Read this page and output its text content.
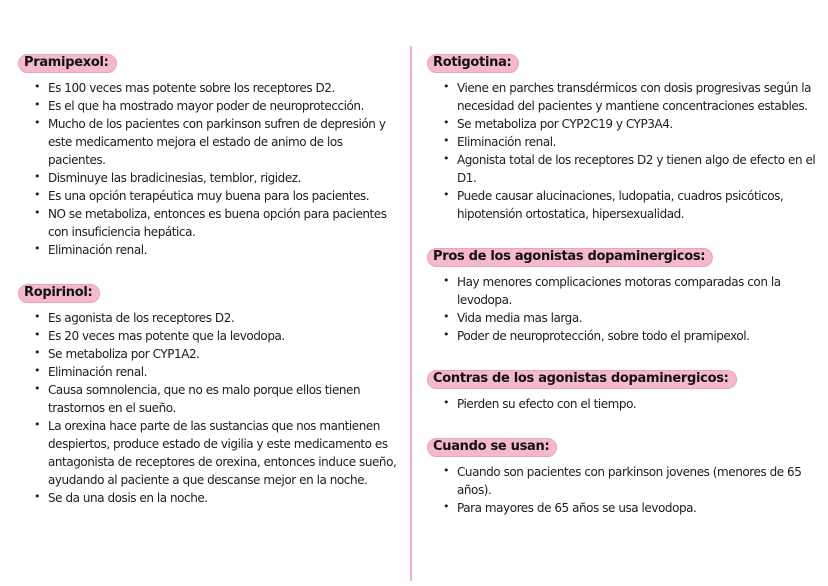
Pramipexol:
• Es 100 veces mas potente sobre los receptores D2.
• Es el que ha mostrado mayor poder de neuroprotección.
• Mucho de los pacientes con parkinson sufren de depresión y este medicamento mejora el estado de animo de los pacientes.
• Disminuye las bradicinesias, temblor, rigidez.
• Es una opción terapéutica muy buena para los pacientes.
• NO se metaboliza, entonces es buena opción para pacientes con insuficiencia hepática.
• Eliminación renal.
Ropirinol:
• Es agonista de los receptores D2.
• Es 20 veces mas potente que la levodopa.
• Se metaboliza por CYP1A2.
• Eliminación renal.
• Causa somnolencia, que no es malo porque ellos tienen trastornos en el sueño.
• La orexina hace parte de las sustancias que nos mantienen despiertos, produce estado de vigilia y este medicamento es antagonista de receptores de orexina, entonces induce sueño, ayudando al paciente a que descanse mejor en la noche.
• Se da una dosis en la noche.
Rotigotina:
• Viene en parches transdérmicos con dosis progresivas según la necesidad del pacientes y mantiene concentraciones estables.
• Se metaboliza por CYP2C19 y CYP3A4.
• Eliminación renal.
• Agonista total de los receptores D2 y tienen algo de efecto en el D1.
• Puede causar alucinaciones, ludopatia, cuadros psicóticos, hipotensión ortostatica, hipersexualidad.
Pros de los agonistas dopaminergicos:
• Hay menores complicaciones motoras comparadas con la levodopa.
• Vida media mas larga.
• Poder de neuroprotección, sobre todo el pramipexol.
Contras de los agonistas dopaminergicos:
• Pierden su efecto con el tiempo.
Cuando se usan:
• Cuando son pacientes con parkinson jovenes (menores de 65 años).
• Para mayores de 65 años se usa levodopa.
